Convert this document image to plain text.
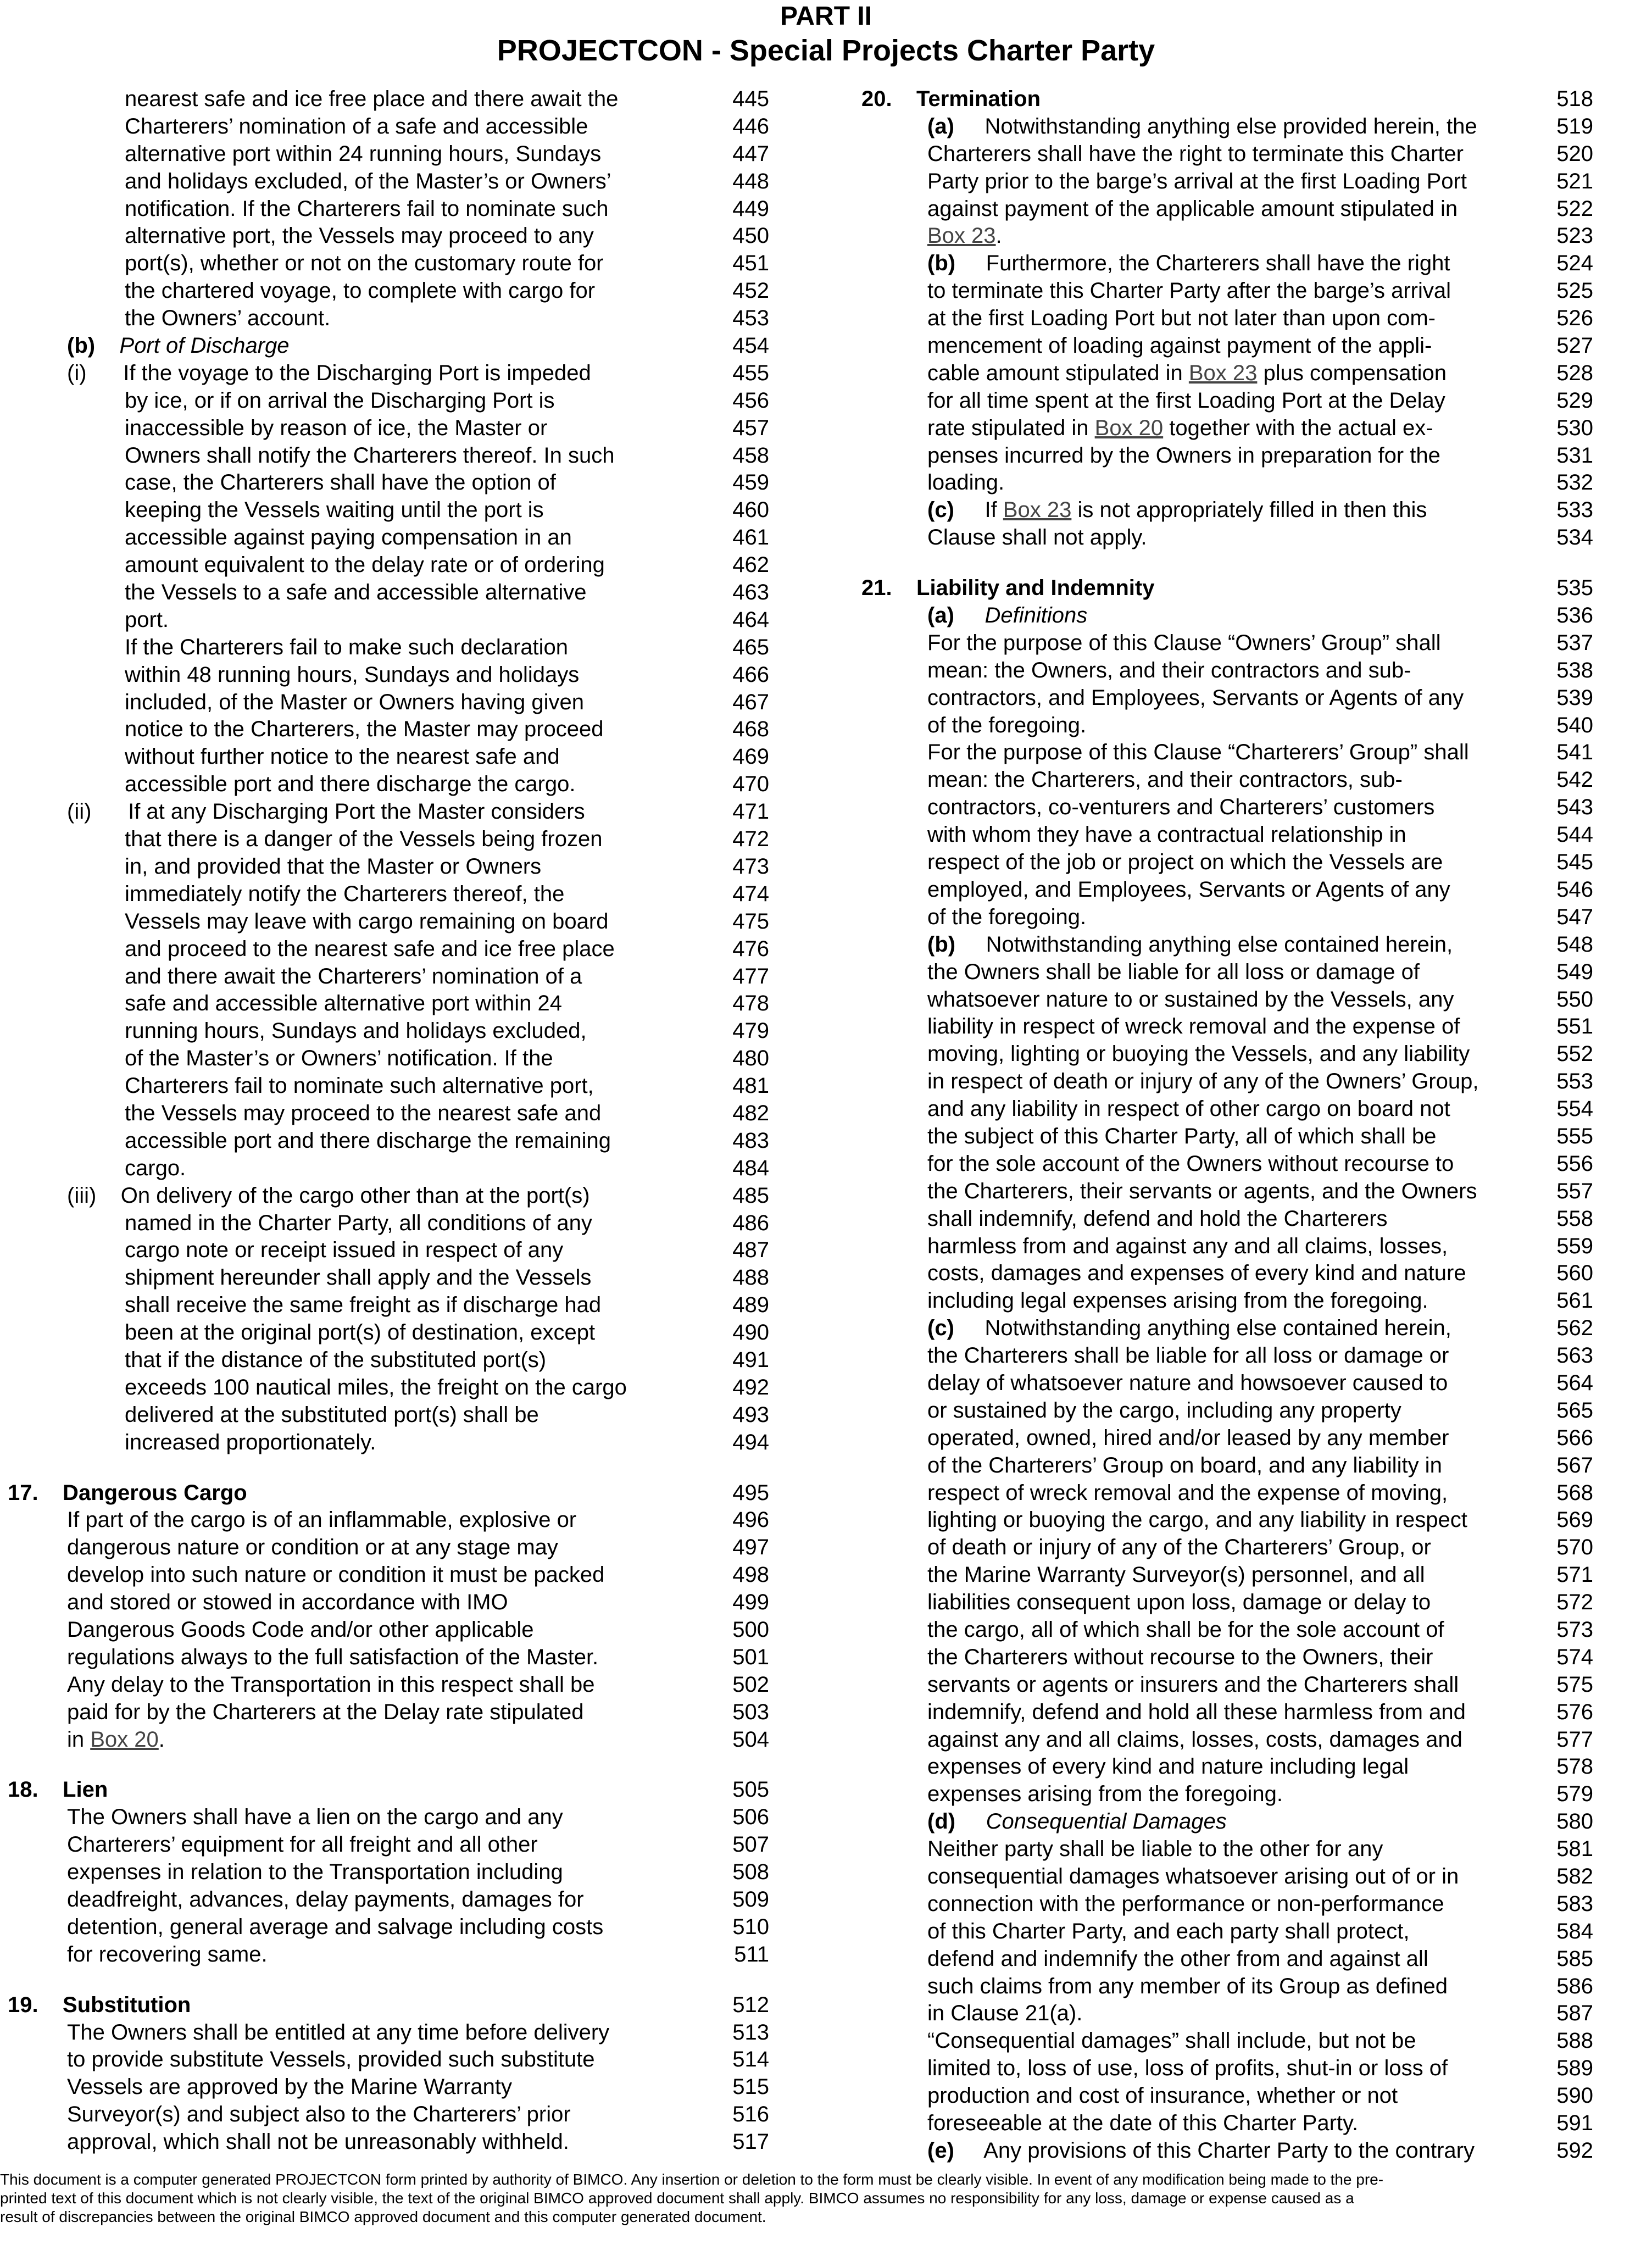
PART II
PROJECTCON - Special Projects Charter Party
nearest safe and ice free place and there await the	445
Charterers’ nomination of a safe and accessible	446
alternative port within 24 running hours, Sundays	447
and holidays excluded, of the Master’s or Owners’	448
notification. If the Charterers fail to nominate such	449
alternative port, the Vessels may proceed to any	450
port(s), whether or not on the customary route for	451
the chartered voyage, to complete with cargo for	452
the Owners’ account.	453
(b) Port of Discharge	454
(i)      If the voyage to the Discharging Port is impeded	455
by ice, or if on arrival the Discharging Port is	456
inaccessible by reason of ice, the Master or	457
Owners shall notify the Charterers thereof. In such	458
case, the Charterers shall have the option of	459
keeping the Vessels waiting until the port is	460
accessible against paying compensation in an	461
amount equivalent to the delay rate or of ordering	462
the Vessels to a safe and accessible alternative	463
port.	464
If the Charterers fail to make such declaration	465
within 48 running hours, Sundays and holidays	466
included, of the Master or Owners having given	467
notice to the Charterers, the Master may proceed	468
without further notice to the nearest safe and	469
accessible port and there discharge the cargo.	470
(ii)      If at any Discharging Port the Master considers	471
that there is a danger of the Vessels being frozen	472
in, and provided that the Master or Owners	473
immediately notify the Charterers thereof, the	474
Vessels may leave with cargo remaining on board	475
and proceed to the nearest safe and ice free place	476
and there await the Charterers’ nomination of a	477
safe and accessible alternative port within 24	478
running hours, Sundays and holidays excluded,	479
of the Master’s or Owners’ notification. If the	480
Charterers fail to nominate such alternative port,	481
the Vessels may proceed to the nearest safe and	482
accessible port and there discharge the remaining	483
cargo.	484
(iii)    On delivery of the cargo other than at the port(s)	485
named in the Charter Party, all conditions of any	486
cargo note or receipt issued in respect of any	487
shipment hereunder shall apply and the Vessels	488
shall receive the same freight as if discharge had	489
been at the original port(s) of destination, except	490
that if the distance of the substituted port(s)	491
exceeds 100 nautical miles, the freight on the cargo	492
delivered at the substituted port(s) shall be	493
increased proportionately.	494
17.    Dangerous Cargo	495
If part of the cargo is of an inflammable, explosive or	496
dangerous nature or condition or at any stage may	497
develop into such nature or condition it must be packed	498
and stored or stowed in accordance with IMO	499
Dangerous Goods Code and/or other applicable	500
regulations always to the full satisfaction of the Master.	501
Any delay to the Transportation in this respect shall be	502
paid for by the Charterers at the Delay rate stipulated	503
in Box 20.	504
18.    Lien	505
The Owners shall have a lien on the cargo and any	506
Charterers’ equipment for all freight and all other	507
expenses in relation to the Transportation including	508
deadfreight, advances, delay payments, damages for	509
detention, general average and salvage including costs	510
for recovering same.	511
19.    Substitution	512
The Owners shall be entitled at any time before delivery	513
to provide substitute Vessels, provided such substitute	514
Vessels are approved by the Marine Warranty	515
Surveyor(s) and subject also to the Charterers’ prior	516
approval, which shall not be unreasonably withheld.	517
20.    Termination	518
(a)     Notwithstanding anything else provided herein, the	519
Charterers shall have the right to terminate this Charter	520
Party prior to the barge’s arrival at the first Loading Port	521
against payment of the applicable amount stipulated in	522
Box 23.	523
(b)     Furthermore, the Charterers shall have the right	524
to terminate this Charter Party after the barge’s arrival	525
at the first Loading Port but not later than upon com-	526
mencement of loading against payment of the appli-	527
cable amount stipulated in Box 23 plus compensation	528
for all time spent at the first Loading Port at the Delay	529
rate stipulated in Box 20 together with the actual ex-	530
penses incurred by the Owners in preparation for the	531
loading.	532
(c)     If Box 23 is not appropriately filled in then this	533
Clause shall not apply.	534
21.    Liability and Indemnity	535
(a) Definitions	536
For the purpose of this Clause “Owners’ Group” shall	537
mean: the Owners, and their contractors and sub-	538
contractors, and Employees, Servants or Agents of any	539
of the foregoing.	540
For the purpose of this Clause “Charterers’ Group” shall	541
mean: the Charterers, and their contractors, sub-	542
contractors, co-venturers and Charterers’ customers	543
with whom they have a contractual relationship in	544
respect of the job or project on which the Vessels are	545
employed, and Employees, Servants or Agents of any	546
of the foregoing.	547
(b)     Notwithstanding anything else contained herein,	548
the Owners shall be liable for all loss or damage of	549
whatsoever nature to or sustained by the Vessels, any	550
liability in respect of wreck removal and the expense of	551
moving, lighting or buoying the Vessels, and any liability	552
in respect of death or injury of any of the Owners’ Group,	553
and any liability in respect of other cargo on board not	554
the subject of this Charter Party, all of which shall be	555
for the sole account of the Owners without recourse to	556
the Charterers, their servants or agents, and the Owners	557
shall indemnify, defend and hold the Charterers	558
harmless from and against any and all claims, losses,	559
costs, damages and expenses of every kind and nature	560
including legal expenses arising from the foregoing.	561
(c)     Notwithstanding anything else contained herein,	562
the Charterers shall be liable for all loss or damage or	563
delay of whatsoever nature and howsoever caused to	564
or sustained by the cargo, including any property	565
operated, owned, hired and/or leased by any member	566
of the Charterers’ Group on board, and any liability in	567
respect of wreck removal and the expense of moving,	568
lighting or buoying the cargo, and any liability in respect	569
of death or injury of any of the Charterers’ Group, or	570
the Marine Warranty Surveyor(s) personnel, and all	571
liabilities consequent upon loss, damage or delay to	572
the cargo, all of which shall be for the sole account of	573
the Charterers without recourse to the Owners, their	574
servants or agents or insurers and the Charterers shall	575
indemnify, defend and hold all these harmless from and	576
against any and all claims, losses, costs, damages and	577
expenses of every kind and nature including legal	578
expenses arising from the foregoing.	579
(d) Consequential Damages	580
Neither party shall be liable to the other for any	581
consequential damages whatsoever arising out of or in	582
connection with the performance or non-performance	583
of this Charter Party, and each party shall protect,	584
defend and indemnify the other from and against all	585
such claims from any member of its Group as defined	586
in Clause 21(a).	587
“Consequential damages” shall include, but not be	588
limited to, loss of use, loss of profits, shut-in or loss of	589
production and cost of insurance, whether or not	590
foreseeable at the date of this Charter Party.	591
(e)     Any provisions of this Charter Party to the contrary	592
This document is a computer generated PROJECTCON form printed by authority of BIMCO. Any insertion or deletion to the form must be clearly visible. In event of any modification being made to the pre-
printed text of this document which is not clearly visible, the text of the original BIMCO approved document shall apply. BIMCO assumes no responsibility for any loss, damage or expense caused as a
result of discrepancies between the original BIMCO approved document and this computer generated document.
